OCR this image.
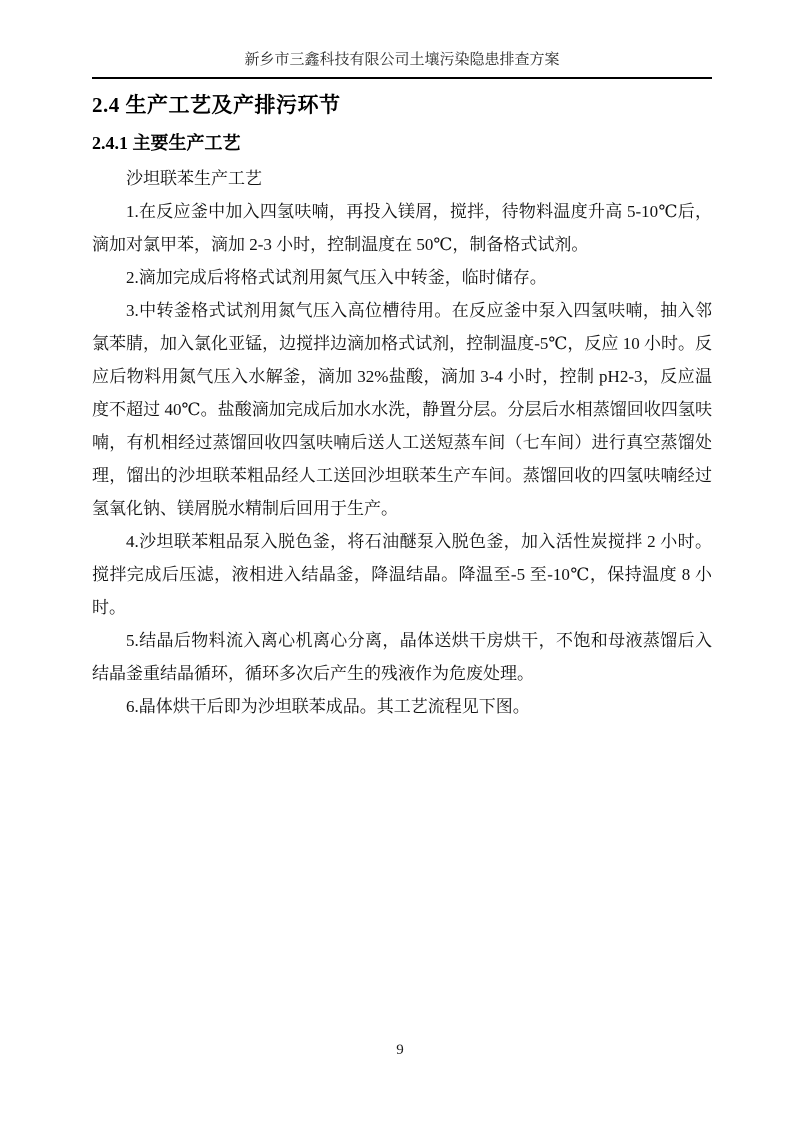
新乡市三鑫科技有限公司土壤污染隐患排查方案
2.4 生产工艺及产排污环节
2.4.1 主要生产工艺

沙坦联苯生产工艺

1.在反应釜中加入四氢呋喃，再投入镁屑，搅拌，待物料温度升高 5-10℃后，滴加对氯甲苯，滴加 2-3 小时，控制温度在 50℃，制备格式试剂。

2.滴加完成后将格式试剂用氮气压入中转釜，临时储存。

3.中转釜格式试剂用氮气压入高位槽待用。在反应釜中泵入四氢呋喃，抽入邻氯苯腈，加入氯化亚锰，边搅拌边滴加格式试剂，控制温度-5℃，反应 10 小时。反应后物料用氮气压入水解釜，滴加 32%盐酸，滴加 3-4 小时，控制 pH2-3，反应温度不超过 40℃。盐酸滴加完成后加水水洗，静置分层。分层后水相蒸馏回收四氢呋喃，有机相经过蒸馏回收四氢呋喃后送人工送短蒸车间（七车间）进行真空蒸馏处理，馏出的沙坦联苯粗品经人工送回沙坦联苯生产车间。蒸馏回收的四氢呋喃经过氢氧化钠、镁屑脱水精制后回用于生产。

4.沙坦联苯粗品泵入脱色釜，将石油醚泵入脱色釜，加入活性炭搅拌 2 小时。搅拌完成后压滤，液相进入结晶釜，降温结晶。降温至-5 至-10℃，保持温度 8 小时。

5.结晶后物料流入离心机离心分离，晶体送烘干房烘干，不饱和母液蒸馏后入结晶釜重结晶循环，循环多次后产生的残液作为危废处理。

6.晶体烘干后即为沙坦联苯成品。其工艺流程见下图。

9
